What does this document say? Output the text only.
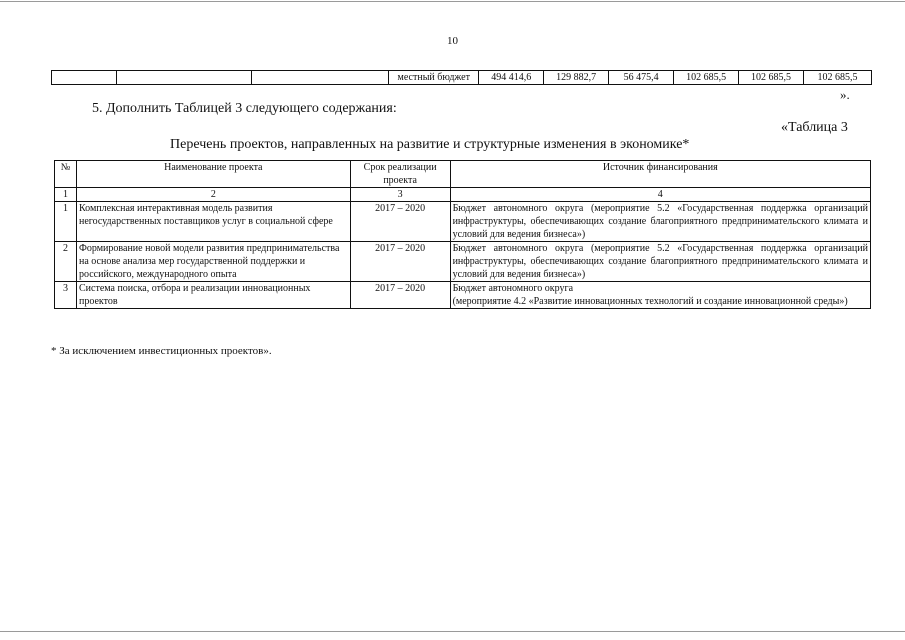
10
			местный бюджет	494 414,6	129 882,7	56 475,4	102 685,5	102 685,5	102 685,5
».
5. Дополнить Таблицей 3 следующего содержания:
«Таблица 3
Перечень проектов, направленных на развитие и структурные изменения в экономике*
№	Наименование проекта	Срок реализации проекта	Источник финансирования
1	2	3	4
1	Комплексная интерактивная модель развития негосударственных поставщиков услуг в социальной сфере	2017 – 2020	Бюджет автономного округа (мероприятие 5.2 «Государственная поддержка организаций инфраструктуры, обеспечивающих создание благоприятного предпринимательского климата и условий для ведения бизнеса»)
2	Формирование новой модели развития предпринимательства на основе анализа мер государственной поддержки и российского, международного опыта	2017 – 2020	Бюджет автономного округа (мероприятие 5.2 «Государственная поддержка организаций инфраструктуры, обеспечивающих создание благоприятного предпринимательского климата и условий для ведения бизнеса»)
3	Система поиска, отбора и реализации инновационных проектов	2017 – 2020	Бюджет автономного округа
(мероприятие 4.2 «Развитие инновационных технологий и создание инновационной среды»)
* За исключением инвестиционных проектов».
